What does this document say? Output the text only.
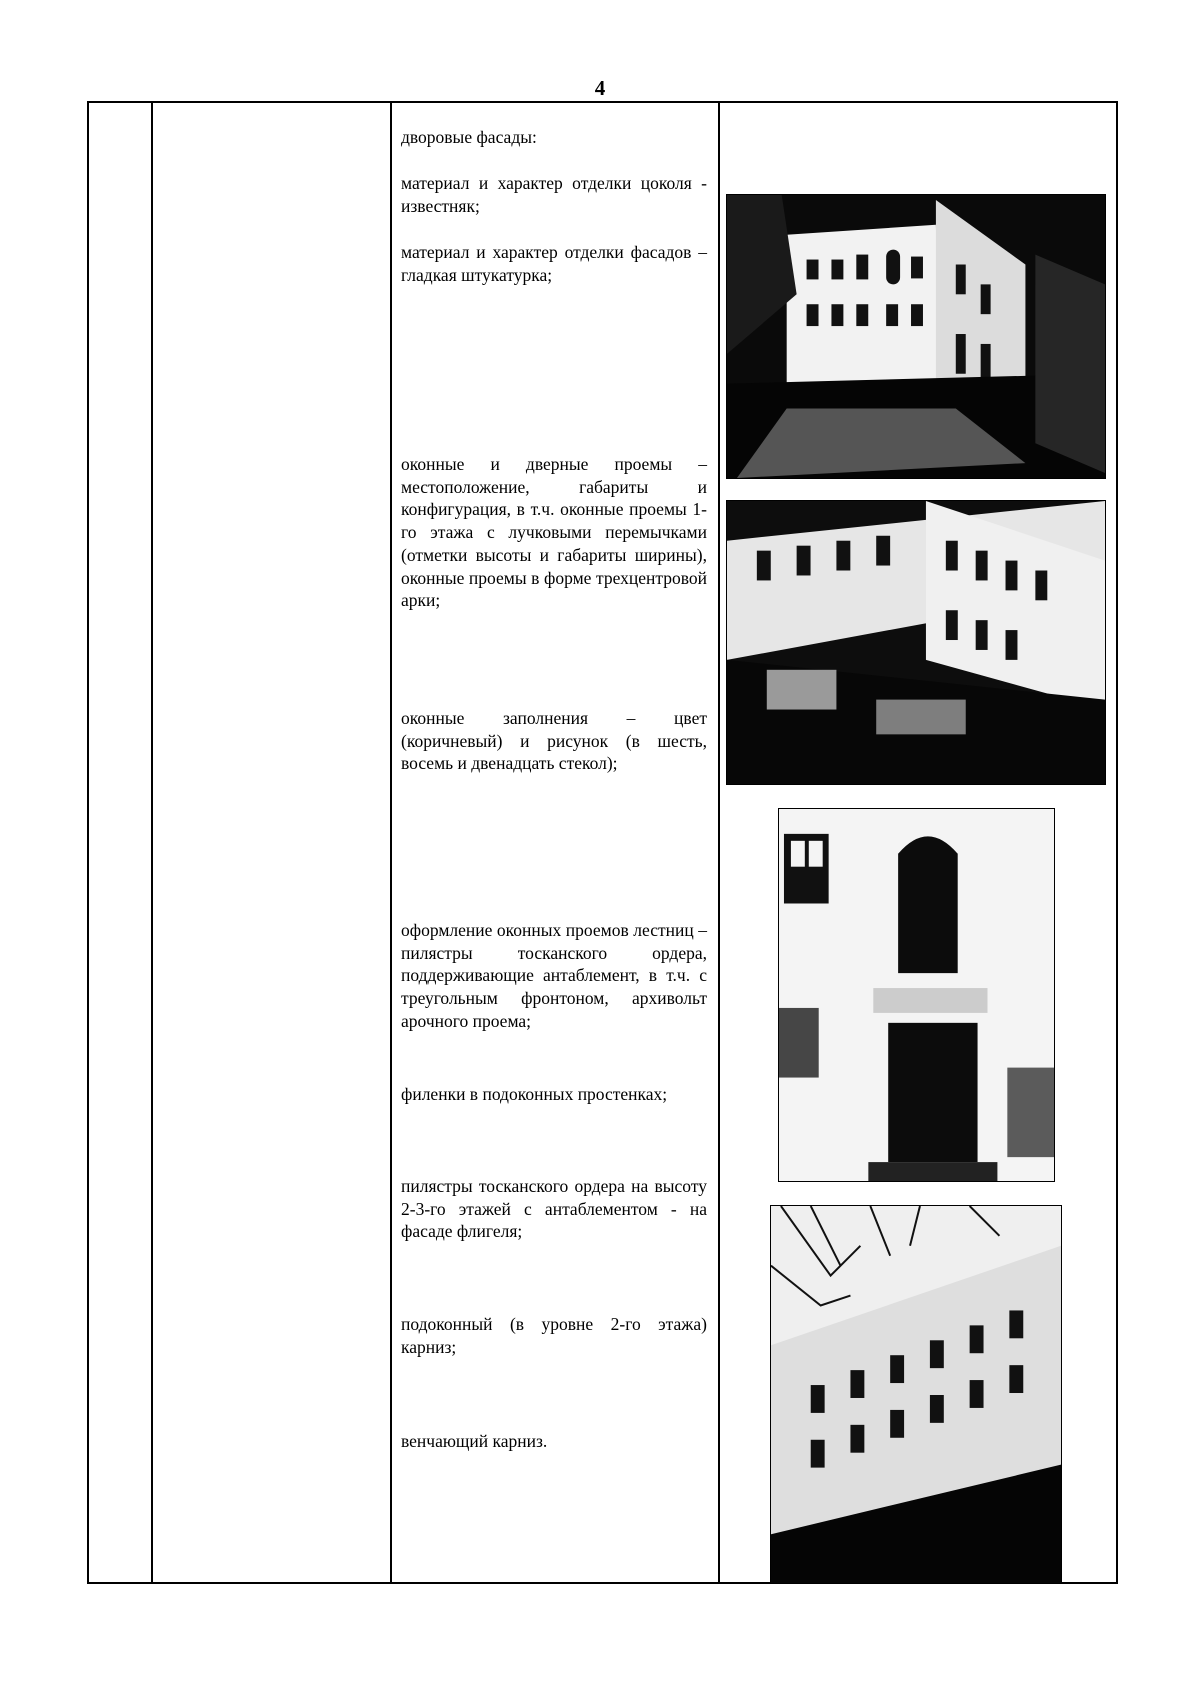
4
дворовые фасады:
материал и характер отделки цоколя - известняк;
материал и характер отделки фасадов – гладкая штукатурка;
оконные и дверные проемы – местоположение, габариты и конфигурация, в т.ч. оконные проемы 1-го этажа с лучковыми перемычками (отметки высоты и габариты ширины), оконные проемы в форме трехцентровой арки;
оконные заполнения – цвет (коричневый) и рисунок (в шесть, восемь и двенадцать стекол);
оформление оконных проемов лестниц – пилястры тосканского ордера, поддерживающие антаблемент, в т.ч. с треугольным фронтоном, архивольт арочного проема;
филенки в подоконных простенках;
пилястры тосканского ордера на высоту 2-3-го этажей с антаблементом - на фасаде флигеля;
подоконный (в уровне 2-го этажа) карниз;
венчающий карниз.
